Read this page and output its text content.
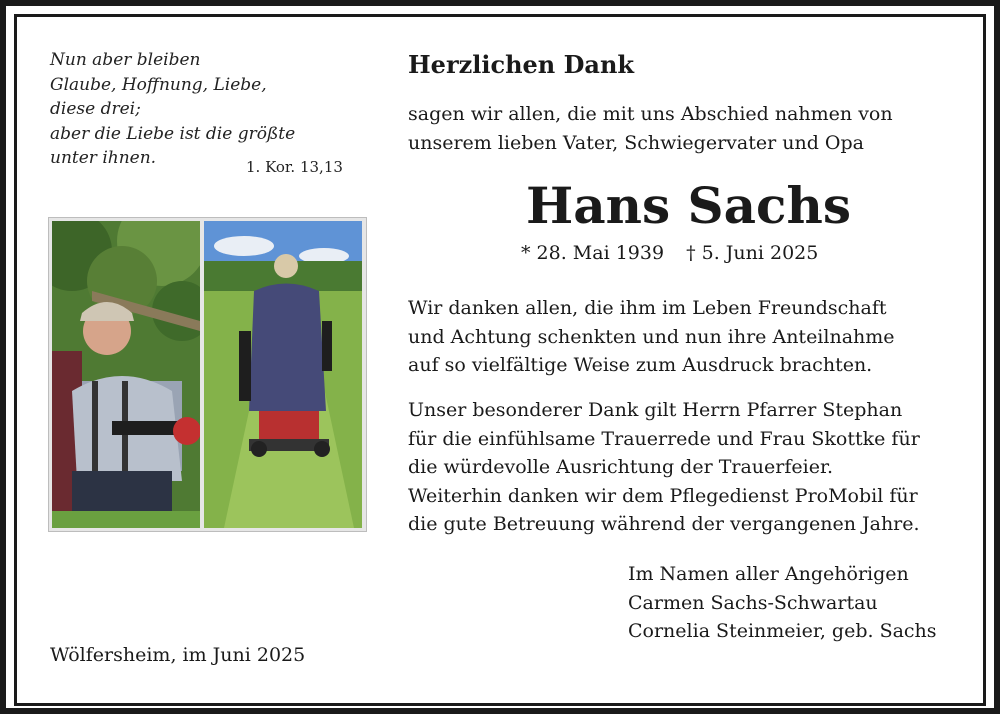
Nun aber bleiben
Glaube, Hoffnung, Liebe,
diese drei;
aber die Liebe ist die größte
unter ihnen.	1. Kor. 13,13
Wölfersheim, im Juni 2025
Herzlichen Dank
sagen wir allen, die mit uns Abschied nahmen von
unserem lieben Vater, Schwiegervater und Opa
Hans Sachs
* 28. Mai 1939 † 5. Juni 2025
Wir danken allen, die ihm im Leben Freundschaft
und Achtung schenkten und nun ihre Anteilnahme
auf so vielfältige Weise zum Ausdruck brachten.
Unser besonderer Dank gilt Herrn Pfarrer Stephan
für die einfühlsame Trauerrede und Frau Skottke für
die würdevolle Ausrichtung der Trauerfeier.
Weiterhin danken wir dem Pflegedienst ProMobil für
die gute Betreuung während der vergangenen Jahre.
Im Namen aller Angehörigen
Carmen Sachs-Schwartau
Cornelia Steinmeier, geb. Sachs
